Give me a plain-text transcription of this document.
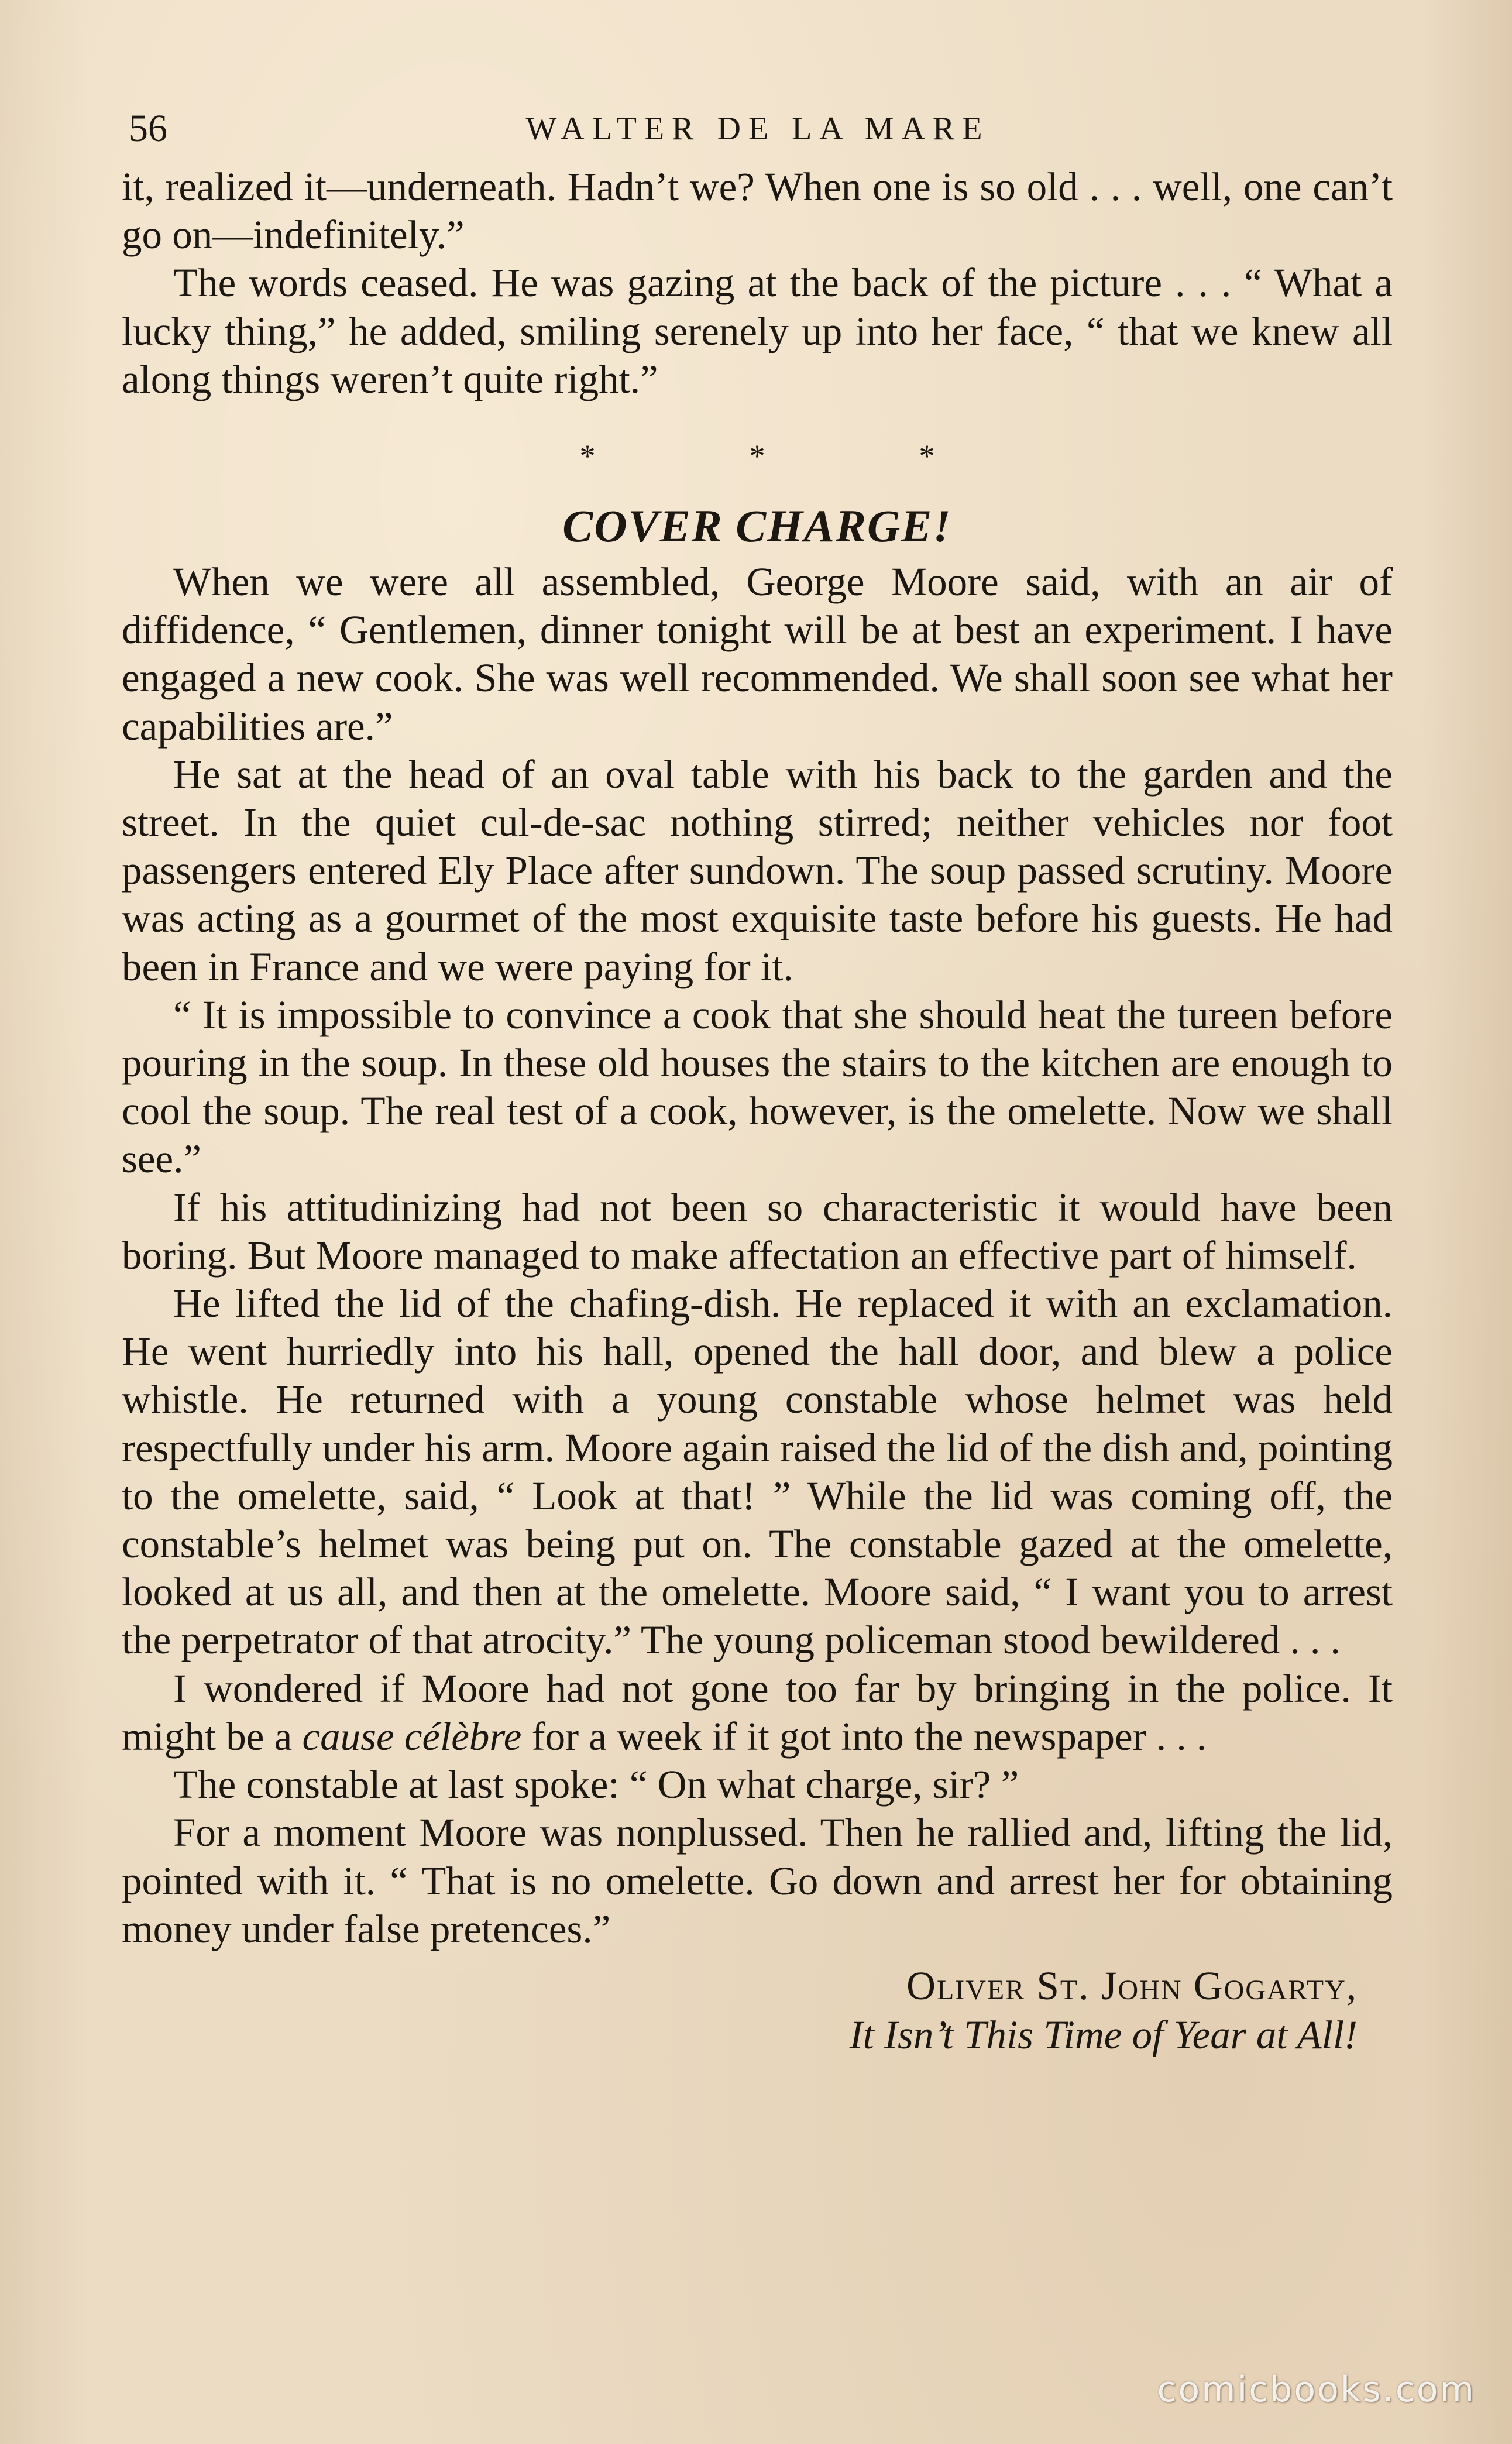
56	WALTER DE LA MARE

it, realized it—underneath. Hadn’t we? When one is so old . . . well, one can’t go on—indefinitely.”

The words ceased. He was gazing at the back of the picture . . . “ What a lucky thing,” he added, smiling serenely up into her face, “ that we knew all along things weren’t quite right.”

*	*	*
COVER CHARGE!

When we were all assembled, George Moore said, with an air of diffidence, “ Gentlemen, dinner tonight will be at best an experiment. I have engaged a new cook. She was well recommended. We shall soon see what her capabilities are.”

He sat at the head of an oval table with his back to the garden and the street. In the quiet cul-de-sac nothing stirred; neither vehicles nor foot passengers entered Ely Place after sundown. The soup passed scrutiny. Moore was acting as a gourmet of the most exquisite taste before his guests. He had been in France and we were paying for it.

“ It is impossible to convince a cook that she should heat the tureen before pouring in the soup. In these old houses the stairs to the kitchen are enough to cool the soup. The real test of a cook, however, is the omelette. Now we shall see.”

If his attitudinizing had not been so characteristic it would have been boring. But Moore managed to make affectation an effective part of himself.

He lifted the lid of the chafing-dish. He replaced it with an exclamation. He went hurriedly into his hall, opened the hall door, and blew a police whistle. He returned with a young constable whose helmet was held respectfully under his arm. Moore again raised the lid of the dish and, pointing to the omelette, said, “ Look at that! ” While the lid was coming off, the constable’s helmet was being put on. The constable gazed at the omelette, looked at us all, and then at the omelette. Moore said, “ I want you to arrest the perpetrator of that atrocity.” The young policeman stood bewildered . . .

I wondered if Moore had not gone too far by bringing in the police. It might be a cause célèbre for a week if it got into the newspaper . . .

The constable at last spoke: “ On what charge, sir? ”

For a moment Moore was nonplussed. Then he rallied and, lifting the lid, pointed with it. “ That is no omelette. Go down and arrest her for obtaining money under false pretences.”

Oliver St. John Gogarty,
It Isn’t This Time of Year at All!
comicbooks.com
